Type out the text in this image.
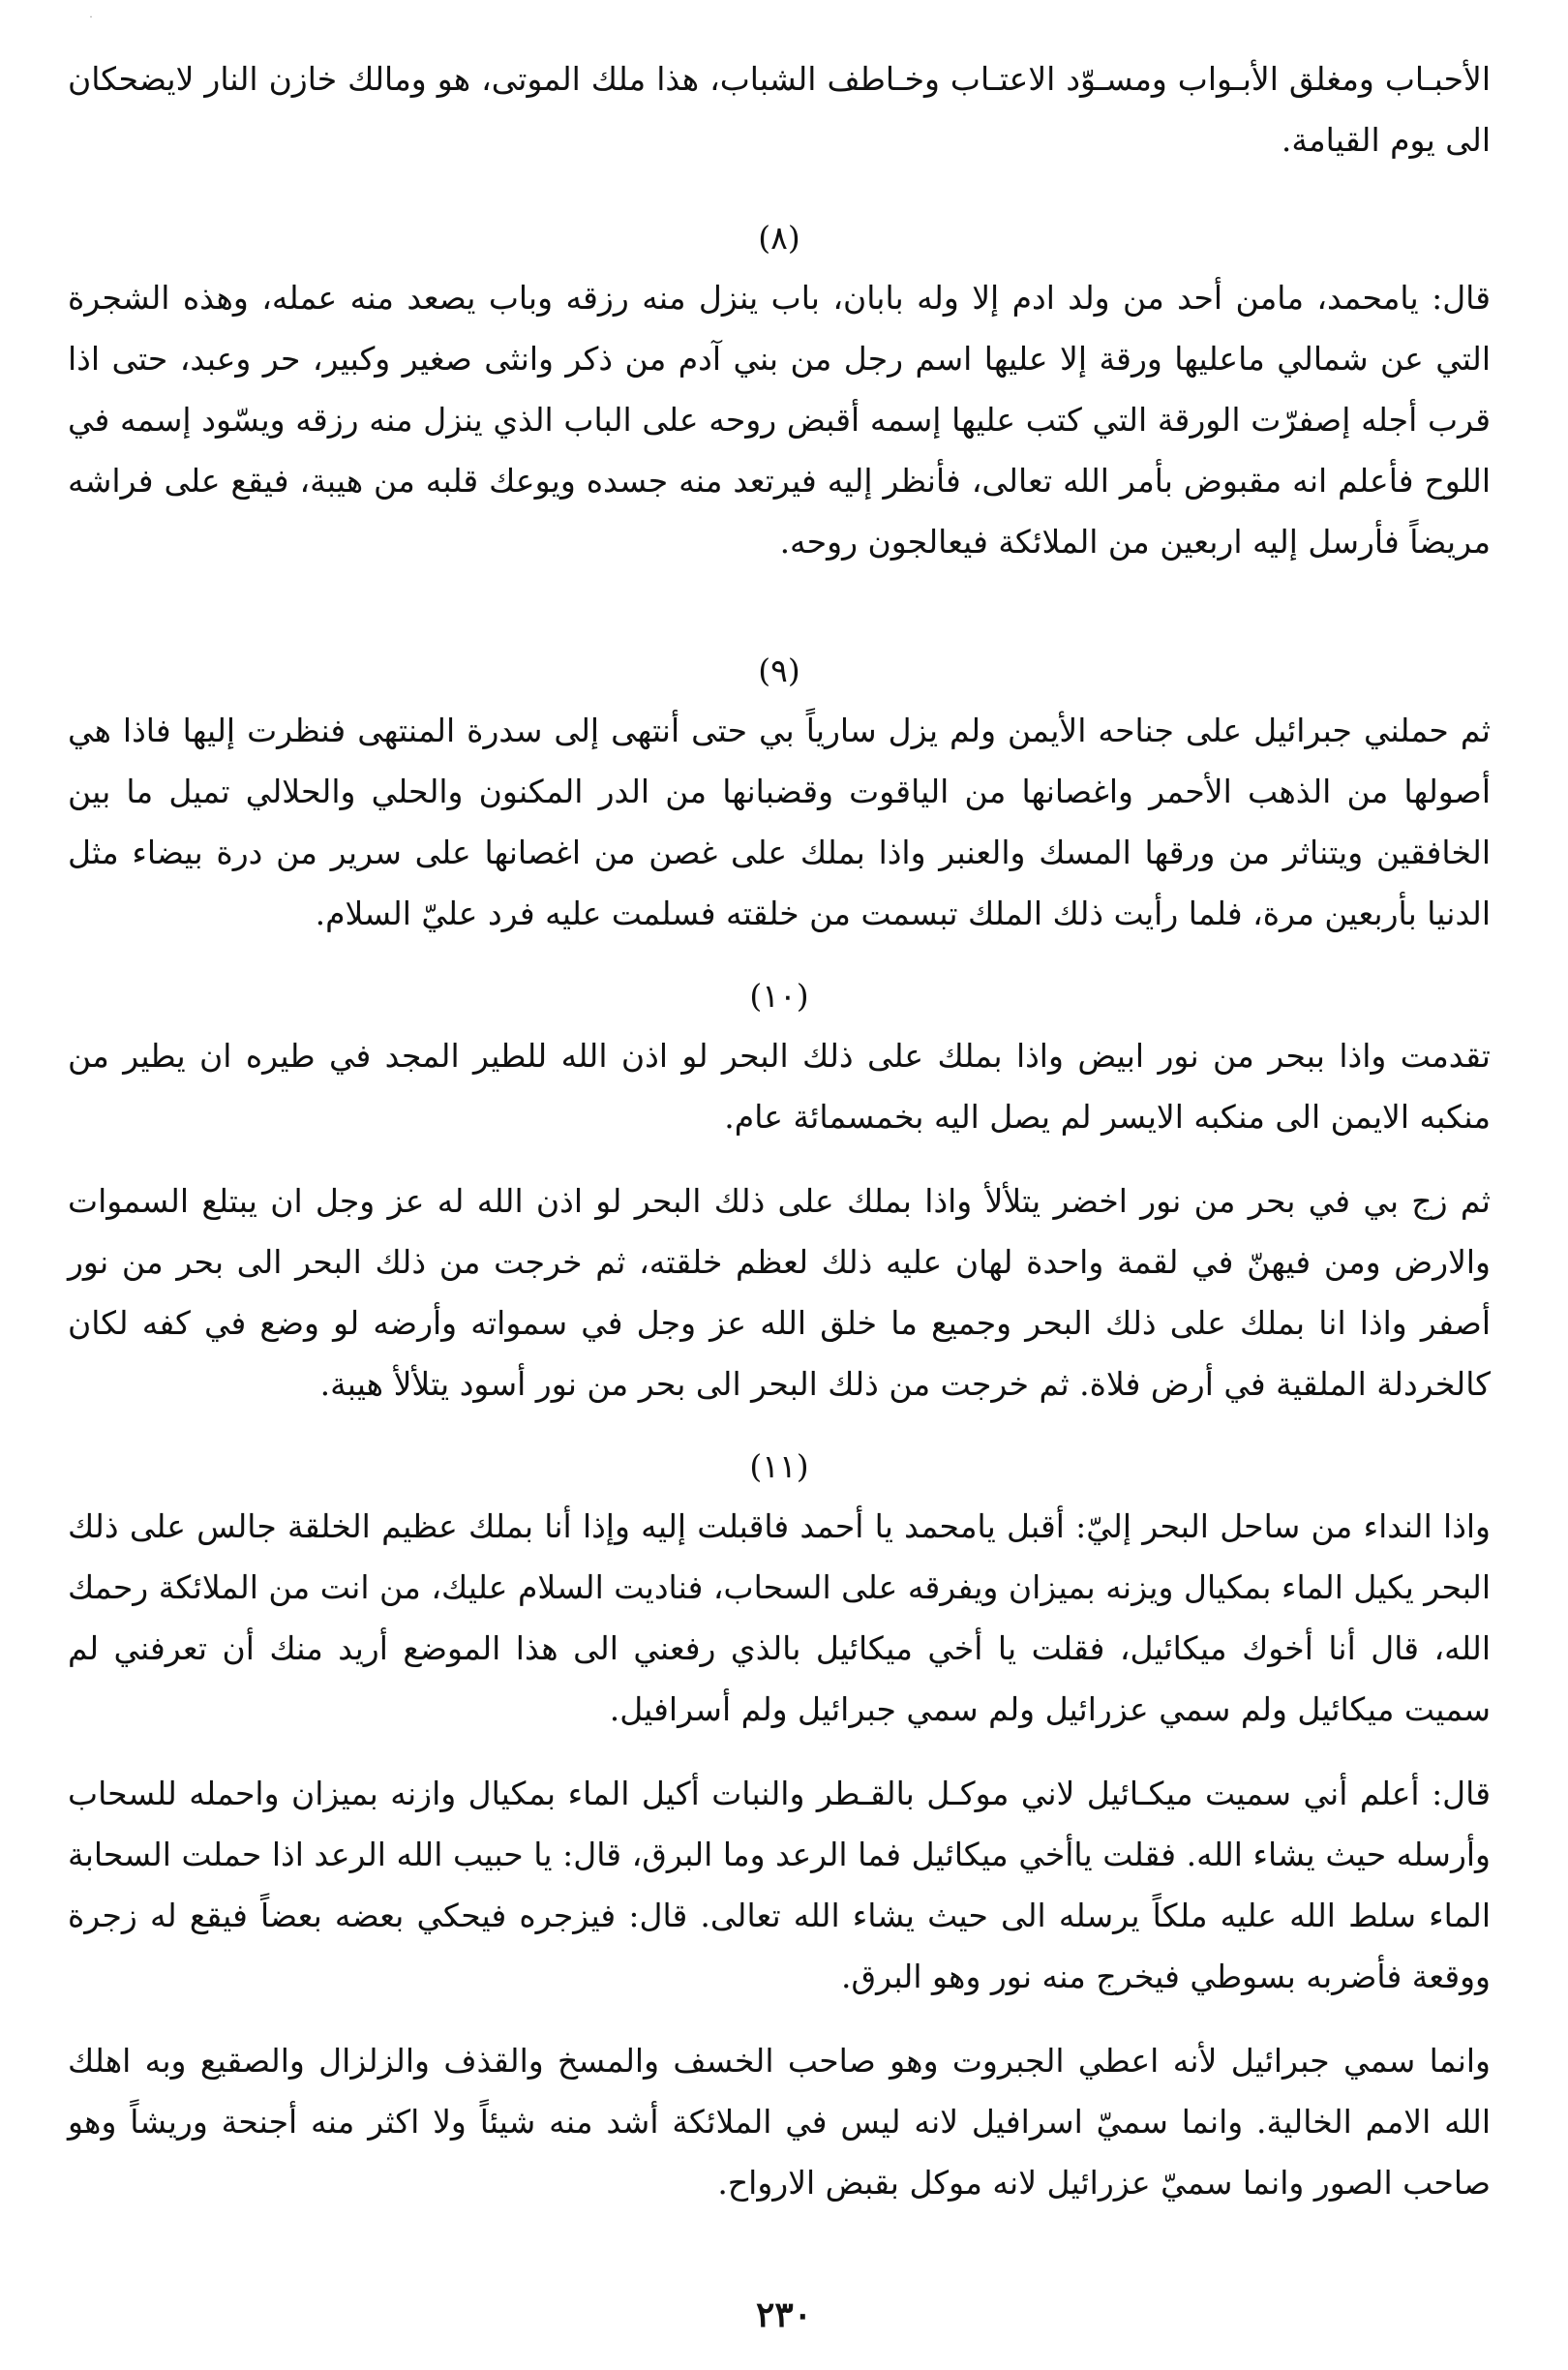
·

الأحبـاب ومغلق الأبـواب ومسـوّد الاعتـاب وخـاطف الشباب، هذا ملك الموتى، هو ومالك خازن النار لايضحكان الى يوم القيامة.

(٨)

قال: يامحمد، مامن أحد من ولد ادم إلا وله بابان، باب ينزل منه رزقه وباب يصعد منه عمله، وهذه الشجرة التي عن شمالي ماعليها ورقة إلا عليها اسم رجل من بني آدم من ذكر وانثى صغير وكبير، حر وعبد، حتى اذا قرب أجله إصفرّت الورقة التي كتب عليها إسمه أقبض روحه على الباب الذي ينزل منه رزقه ويسّود إسمه في اللوح فأعلم انه مقبوض بأمر الله تعالى، فأنظر إليه فيرتعد منه جسده ويوعك قلبه من هيبة، فيقع على فراشه مريضاً فأرسل إليه اربعين من الملائكة فيعالجون روحه.

(٩)

ثم حملني جبرائيل على جناحه الأيمن ولم يزل سارياً بي حتى أنتهى إلى سدرة المنتهى فنظرت إليها فاذا هي أصولها من الذهب الأحمر واغصانها من الياقوت وقضبانها من الدر المكنون والحلي والحلالي تميل ما بين الخافقين ويتناثر من ورقها المسك والعنبر واذا بملك على غصن من اغصانها على سرير من درة بيضاء مثل الدنيا بأربعين مرة، فلما رأيت ذلك الملك تبسمت من خلقته فسلمت عليه فرد عليّ السلام.

(١٠)

تقدمت واذا ببحر من نور ابيض واذا بملك على ذلك البحر لو اذن الله للطير المجد في طيره ان يطير من منكبه الايمن الى منكبه الايسر لم يصل اليه بخمسمائة عام.

ثم زج بي في بحر من نور اخضر يتلألأ واذا بملك على ذلك البحر لو اذن الله له عز وجل ان يبتلع السموات والارض ومن فيهنّ في لقمة واحدة لهان عليه ذلك لعظم خلقته، ثم خرجت من ذلك البحر الى بحر من نور أصفر واذا انا بملك على ذلك البحر وجميع ما خلق الله عز وجل في سمواته وأرضه لو وضع في كفه لكان كالخردلة الملقية في أرض فلاة. ثم خرجت من ذلك البحر الى بحر من نور أسود يتلألأ هيبة.

(١١)

واذا النداء من ساحل البحر إليّ: أقبل يامحمد يا أحمد فاقبلت إليه وإذا أنا بملك عظيم الخلقة جالس على ذلك البحر يكيل الماء بمكيال ويزنه بميزان ويفرقه على السحاب، فناديت السلام عليك، من انت من الملائكة رحمك الله، قال أنا أخوك ميكائيل، فقلت يا أخي ميكائيل بالذي رفعني الى هذا الموضع أريد منك أن تعرفني لم سميت ميكائيل ولم سمي عزرائيل ولم سمي جبرائيل ولم أسرافيل.

قال: أعلم أني سميت ميكـائيل لاني موكـل بالقـطر والنبات أكيل الماء بمكيال وازنه بميزان واحمله للسحاب وأرسله حيث يشاء الله. فقلت ياأخي ميكائيل فما الرعد وما البرق، قال: يا حبيب الله الرعد اذا حملت السحابة الماء سلط الله عليه ملكاً يرسله الى حيث يشاء الله تعالى. قال: فيزجره فيحكي بعضه بعضاً فيقع له زجرة ووقعة فأضربه بسوطي فيخرج منه نور وهو البرق.

وانما سمي جبرائيل لأنه اعطي الجبروت وهو صاحب الخسف والمسخ والقذف والزلزال والصقيع وبه اهلك الله الامم الخالية. وانما سميّ اسرافيل لانه ليس في الملائكة أشد منه شيئاً ولا اكثر منه أجنحة وريشاً وهو صاحب الصور وانما سميّ عزرائيل لانه موكل بقبض الارواح.

٢٣٠
